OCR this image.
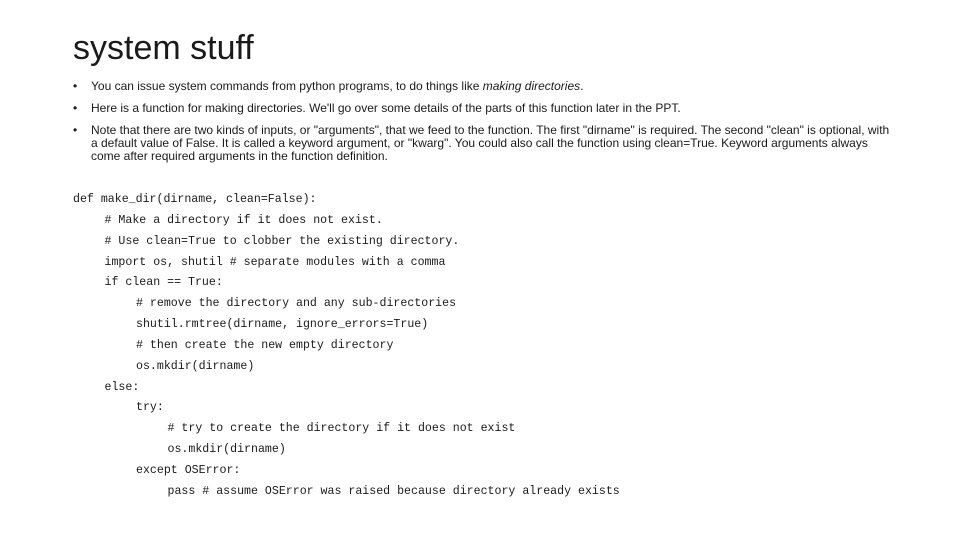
system stuff
• You can issue system commands from python programs, to do things like making directories.
• Here is a function for making directories. We'll go over some details of the parts of this function later in the PPT.
• Note that there are two kinds of inputs, or "arguments", that we feed to the function. The first "dirname" is required. The second "clean" is optional, with a default value of False. It is called a keyword argument, or "kwarg". You could also call the function using clean=True. Keyword arguments always come after required arguments in the function definition.
def make_dir(dirname, clean=False):
# Make a directory if it does not exist.
# Use clean=True to clobber the existing directory.
import os, shutil # separate modules with a comma
if clean == True:
# remove the directory and any sub-directories
shutil.rmtree(dirname, ignore_errors=True)
# then create the new empty directory
os.mkdir(dirname)
else:
try:
# try to create the directory if it does not exist
os.mkdir(dirname)
except OSError:
pass # assume OSError was raised because directory already exists
